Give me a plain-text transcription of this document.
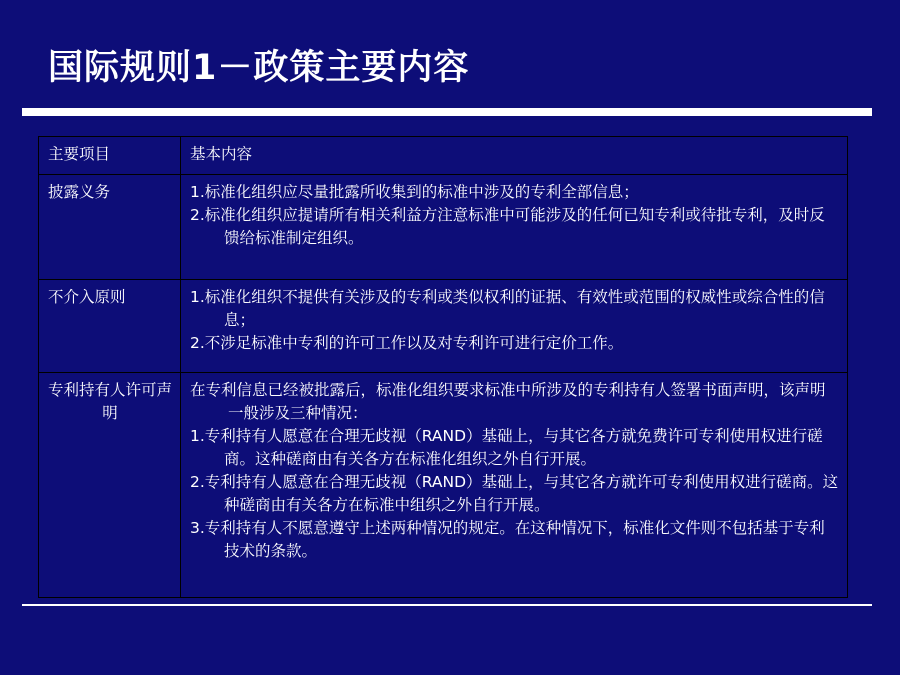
国际规则1－政策主要内容
主要项目	基本内容
披露义务	1.标准化组织应尽量批露所收集到的标准中涉及的专利全部信息；
2.标准化组织应提请所有相关利益方注意标准中可能涉及的任何已知专利或待批专利，及时反馈给标准制定组织。

不介入原则	1.标准化组织不提供有关涉及的专利或类似权利的证据、有效性或范围的权威性或综合性的信息；
2.不涉足标准中专利的许可工作以及对专利许可进行定价工作。

专利持有人许可声明	在专利信息已经被批露后，标准化组织要求标准中所涉及的专利持有人签署书面声明，该声明一般涉及三种情况：
1.专利持有人愿意在合理无歧视（RAND）基础上，与其它各方就免费许可专利使用权进行磋商。这种磋商由有关各方在标准化组织之外自行开展。
2.专利持有人愿意在合理无歧视（RAND）基础上，与其它各方就许可专利使用权进行磋商。这种磋商由有关各方在标准中组织之外自行开展。
3.专利持有人不愿意遵守上述两种情况的规定。在这种情况下，标准化文件则不包括基于专利技术的条款。
